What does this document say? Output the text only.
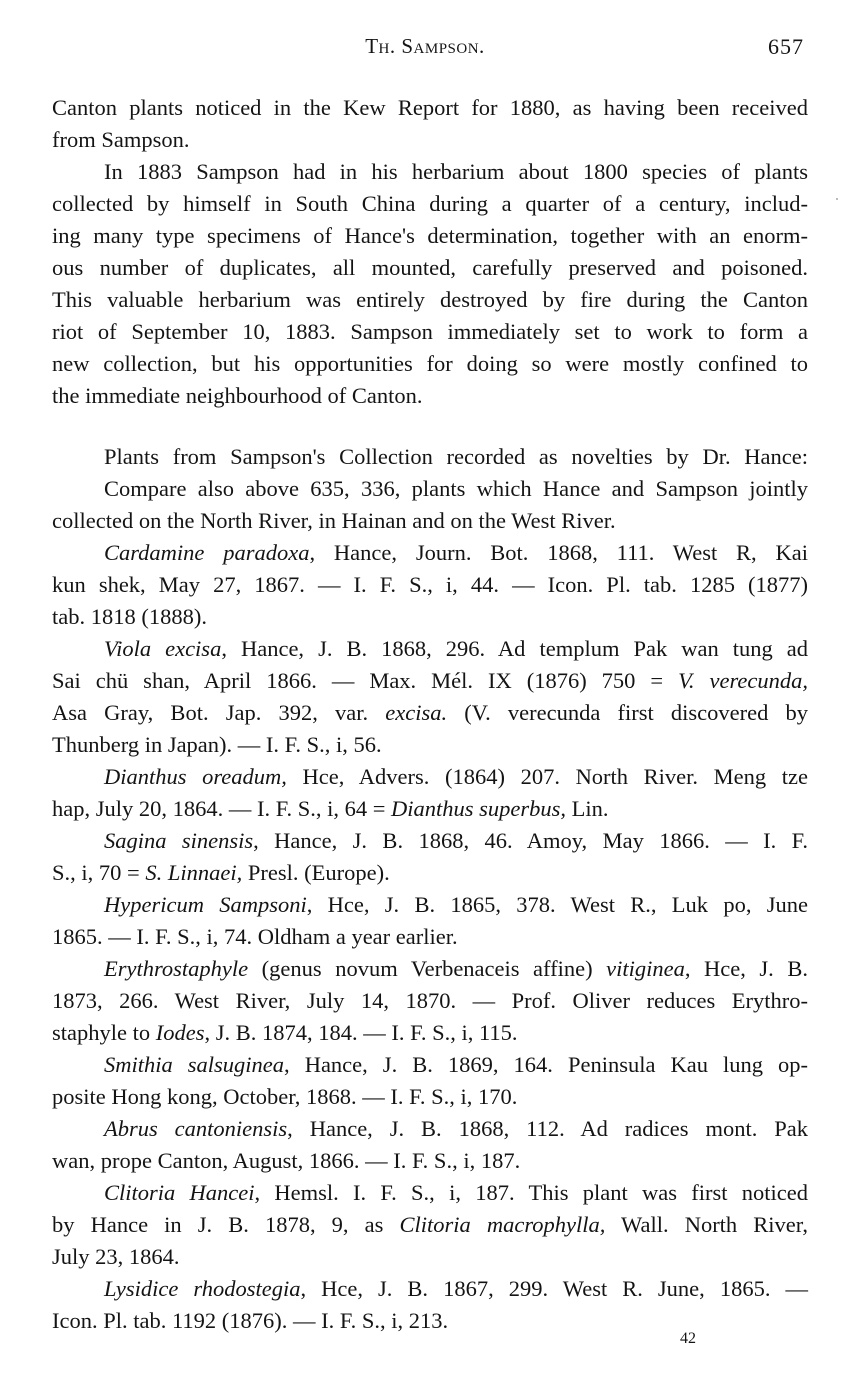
Th. Sampson.	657
Canton plants noticed in the Kew Report for 1880, as having been received
from Sampson.
In 1883 Sampson had in his herbarium about 1800 species of plants
collected by himself in South China during a quarter of a century, includ-
ing many type specimens of Hance's determination, together with an enorm-
ous number of duplicates, all mounted, carefully preserved and poisoned.
This valuable herbarium was entirely destroyed by fire during the Canton
riot of September 10, 1883. Sampson immediately set to work to form a
new collection, but his opportunities for doing so were mostly confined to
the immediate neighbourhood of Canton.
Plants from Sampson's Collection recorded as novelties by Dr. Hance:
Compare also above 635, 336, plants which Hance and Sampson jointly
collected on the North River, in Hainan and on the West River.
Cardamine paradoxa, Hance, Journ. Bot. 1868, 111. West R, Kai
kun shek, May 27, 1867. — I. F. S., i, 44. — Icon. Pl. tab. 1285 (1877)
tab. 1818 (1888).
Viola excisa, Hance, J. B. 1868, 296. Ad templum Pak wan tung ad
Sai chü shan, April 1866. — Max. Mél. IX (1876) 750 = V. verecunda,
Asa Gray, Bot. Jap. 392, var. excisa. (V. verecunda first discovered by
Thunberg in Japan). — I. F. S., i, 56.
Dianthus oreadum, Hce, Advers. (1864) 207. North River. Meng tze
hap, July 20, 1864. — I. F. S., i, 64 = Dianthus superbus, Lin.
Sagina sinensis, Hance, J. B. 1868, 46. Amoy, May 1866. — I. F.
S., i, 70 = S. Linnaei, Presl. (Europe).
Hypericum Sampsoni, Hce, J. B. 1865, 378. West R., Luk po, June
1865. — I. F. S., i, 74. Oldham a year earlier.
Erythrostaphyle (genus novum Verbenaceis affine) vitiginea, Hce, J. B.
1873, 266. West River, July 14, 1870. — Prof. Oliver reduces Erythro-
staphyle to Iodes, J. B. 1874, 184. — I. F. S., i, 115.
Smithia salsuginea, Hance, J. B. 1869, 164. Peninsula Kau lung op-
posite Hong kong, October, 1868. — I. F. S., i, 170.
Abrus cantoniensis, Hance, J. B. 1868, 112. Ad radices mont. Pak
wan, prope Canton, August, 1866. — I. F. S., i, 187.
Clitoria Hancei, Hemsl. I. F. S., i, 187. This plant was first noticed
by Hance in J. B. 1878, 9, as Clitoria macrophylla, Wall. North River,
July 23, 1864.
Lysidice rhodostegia, Hce, J. B. 1867, 299. West R. June, 1865. —
Icon. Pl. tab. 1192 (1876). — I. F. S., i, 213.
42
